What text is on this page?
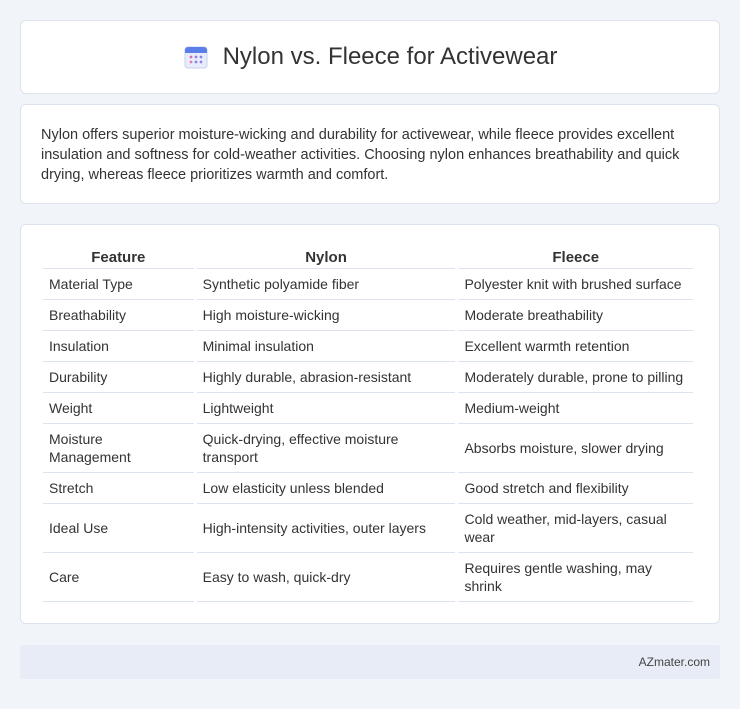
Nylon vs. Fleece for Activewear

Nylon offers superior moisture-wicking and durability for activewear, while fleece provides excellent insulation and softness for cold-weather activities. Choosing nylon enhances breathability and quick drying, whereas fleece prioritizes warmth and comfort.

Feature	Nylon	Fleece
Material Type	Synthetic polyamide fiber	Polyester knit with brushed surface
Breathability	High moisture-wicking	Moderate breathability
Insulation	Minimal insulation	Excellent warmth retention
Durability	Highly durable, abrasion-resistant	Moderately durable, prone to pilling
Weight	Lightweight	Medium-weight
Moisture Management	Quick-drying, effective moisture transport	Absorbs moisture, slower drying
Stretch	Low elasticity unless blended	Good stretch and flexibility
Ideal Use	High-intensity activities, outer layers	Cold weather, mid-layers, casual wear
Care	Easy to wash, quick-dry	Requires gentle washing, may shrink
AZmater.com
